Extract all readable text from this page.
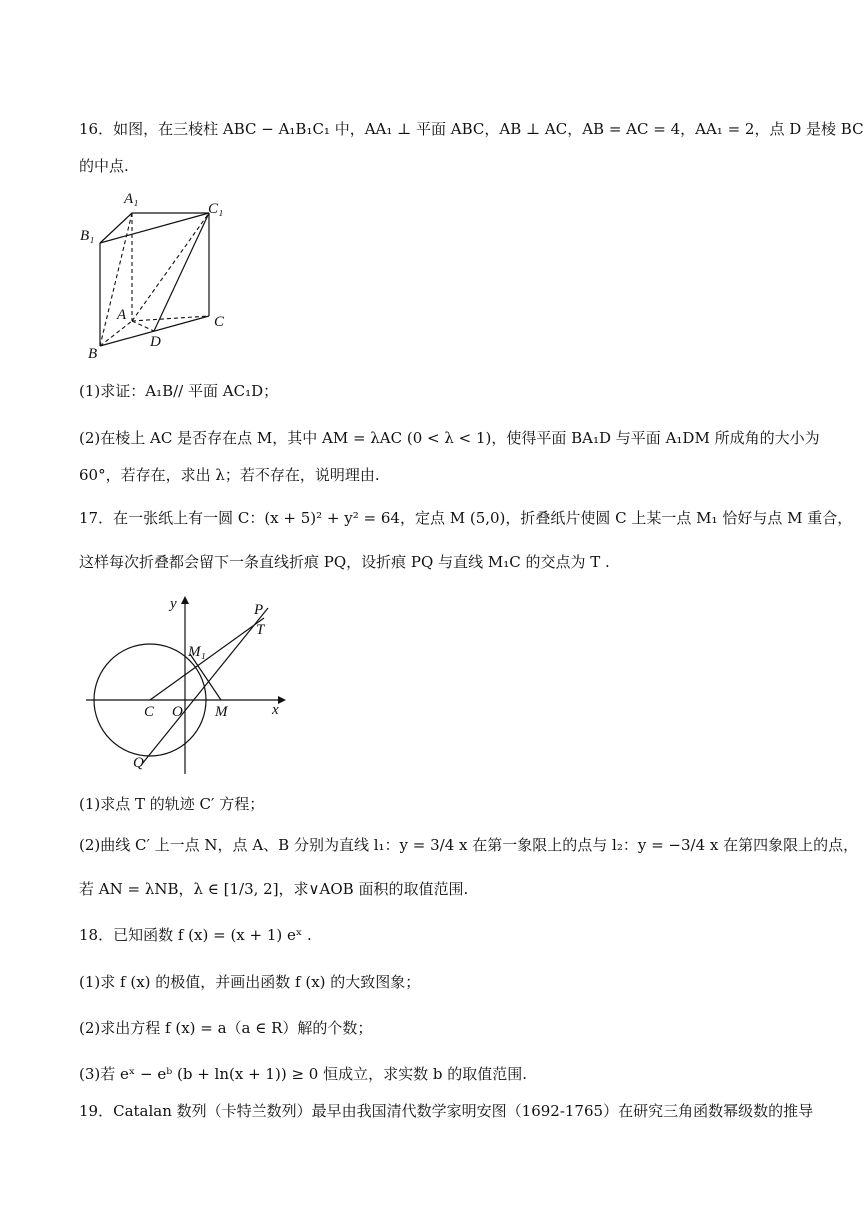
16．如图，在三棱柱 ABC − A₁B₁C₁ 中，AA₁ ⊥ 平面 ABC，AB ⊥ AC，AB = AC = 4，AA₁ = 2，点 D 是棱 BC
的中点.
A₁
B₁
C₁
A
B
C
D
(1)求证：A₁B// 平面 AC₁D；
(2)在棱上 AC 是否存在点 M，其中 AM = λAC (0 < λ < 1)，使得平面 BA₁D 与平面 A₁DM 所成角的大小为
60°，若存在，求出 λ；若不存在，说明理由.
17．在一张纸上有一圆 C：(x + 5)² + y² = 64，定点 M (5,0)，折叠纸片使圆 C 上某一点 M₁ 恰好与点 M 重合，
这样每次折叠都会留下一条直线折痕 PQ，设折痕 PQ 与直线 M₁C 的交点为 T .
y
x
P
T
M₁
C O M
Q
(1)求点 T 的轨迹 C′ 方程；
(2)曲线 C′ 上一点 N，点 A、B 分别为直线 l₁：y = 3/4 x 在第一象限上的点与 l₂：y = −3/4 x 在第四象限上的点，
若 AN = λNB，λ ∈ [1/3, 2]，求∨AOB 面积的取值范围.
18．已知函数 f (x) = (x + 1) eˣ .
(1)求 f (x) 的极值，并画出函数 f (x) 的大致图象；
(2)求出方程 f (x) = a（a ∈ R）解的个数；
(3)若 eˣ − eᵇ (b + ln(x + 1)) ≥ 0 恒成立，求实数 b 的取值范围.
19．Catalan 数列（卡特兰数列）最早由我国清代数学家明安图（1692-1765）在研究三角函数幂级数的推导
